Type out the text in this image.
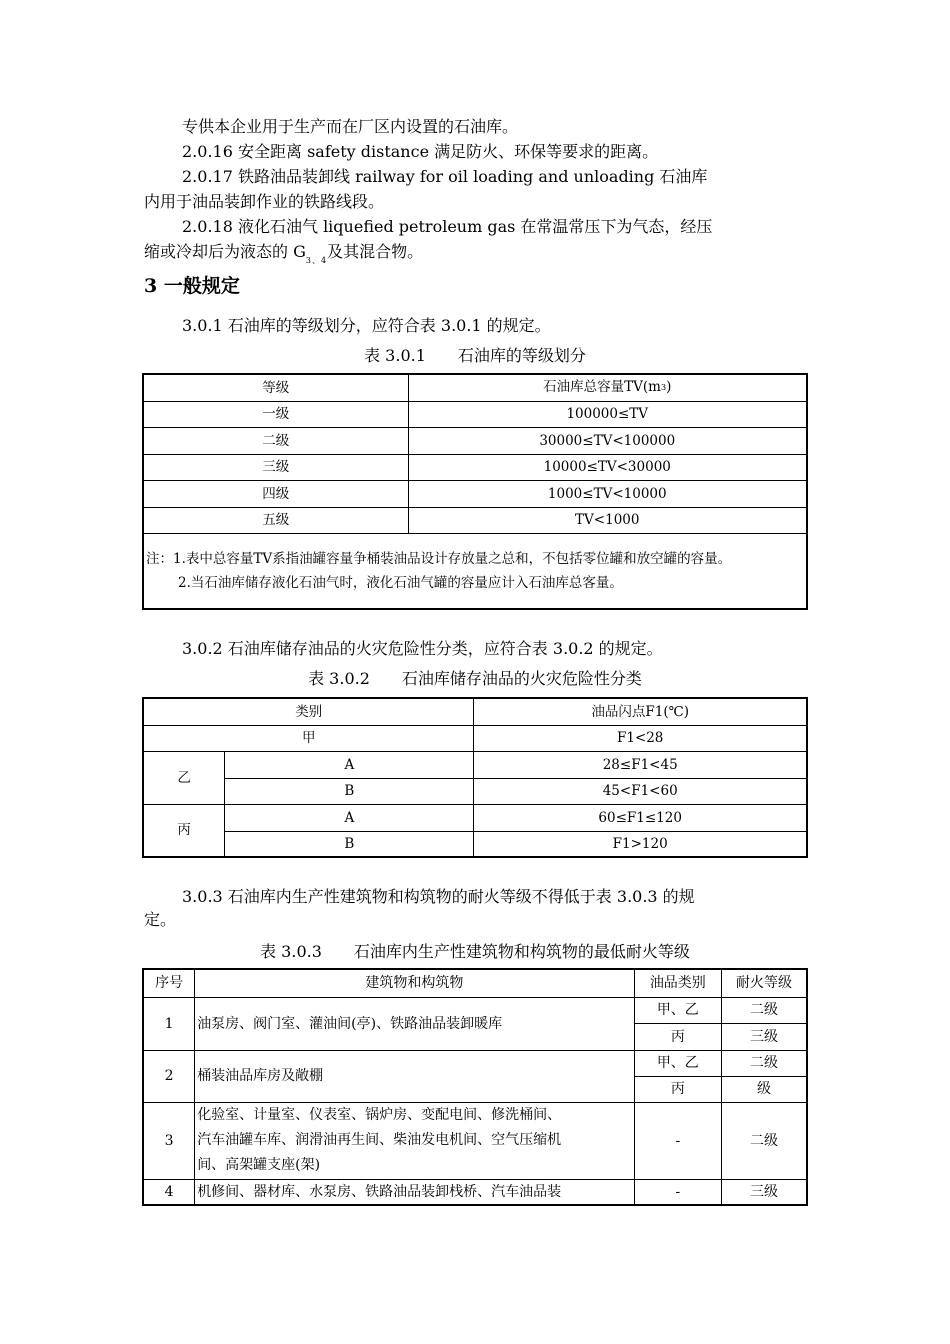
专供本企业用于生产而在厂区内设置的石油库。

2.0.16 安全距离 safety distance 满足防火、环保等要求的距离。

2.0.17 铁路油品装卸线 railway for oil loading and unloading 石油库

内用于油品装卸作业的铁路线段。

2.0.18 液化石油气 liquefied petroleum gas 在常温常压下为气态，经压

缩或冷却后为液态的 $G_{3、4}$及其混合物。

3 一般规定

3.0.1 石油库的等级划分，应符合表 3.0.1 的规定。

表 3.0.1　　石油库的等级划分

等级	石油库总容量TV(m3)
一级	100000≤TV
二级	30000≤TV<100000
三级	10000≤TV<30000
四级	1000≤TV<10000
五级	TV<1000

注：1.表中总容量TV系指油罐容量争桶装油品设计存放量之总和，不包括零位罐和放空罐的容量。
2.当石油库储存液化石油气时，液化石油气罐的容量应计入石油库总客量。	

3.0.2 石油库储存油品的火灾危险性分类，应符合表 3.0.2 的规定。

表 3.0.2　　石油库储存油品的火灾危险性分类

类别		油品闪点F1(℃)
甲		F1<28
乙	A	28≤F1<45
	B	45<F1<60
丙	A	60≤F1≤120
	B	F1>120

3.0.3 石油库内生产性建筑物和构筑物的耐火等级不得低于表 3.0.3 的规

定。

表 3.0.3　　石油库内生产性建筑物和构筑物的最低耐火等级

序号	建筑物和构筑物	油品类别	耐火等级
1	油泵房、阀门室、灌油间(亭)、铁路油品装卸暖库	甲、乙	二级
		丙	三级
2	桶装油品库房及敞棚	甲、乙	二级
		丙	级
3	化验室、计量室、仪表室、锅炉房、变配电间、修洗桶间、
汽车油罐车库、润滑油再生间、柴油发电机间、空气压缩机
间、高架罐支座(架)	-	二级
4	机修间、器材库、水泵房、铁路油品装卸栈桥、汽车油品装	-	三级
